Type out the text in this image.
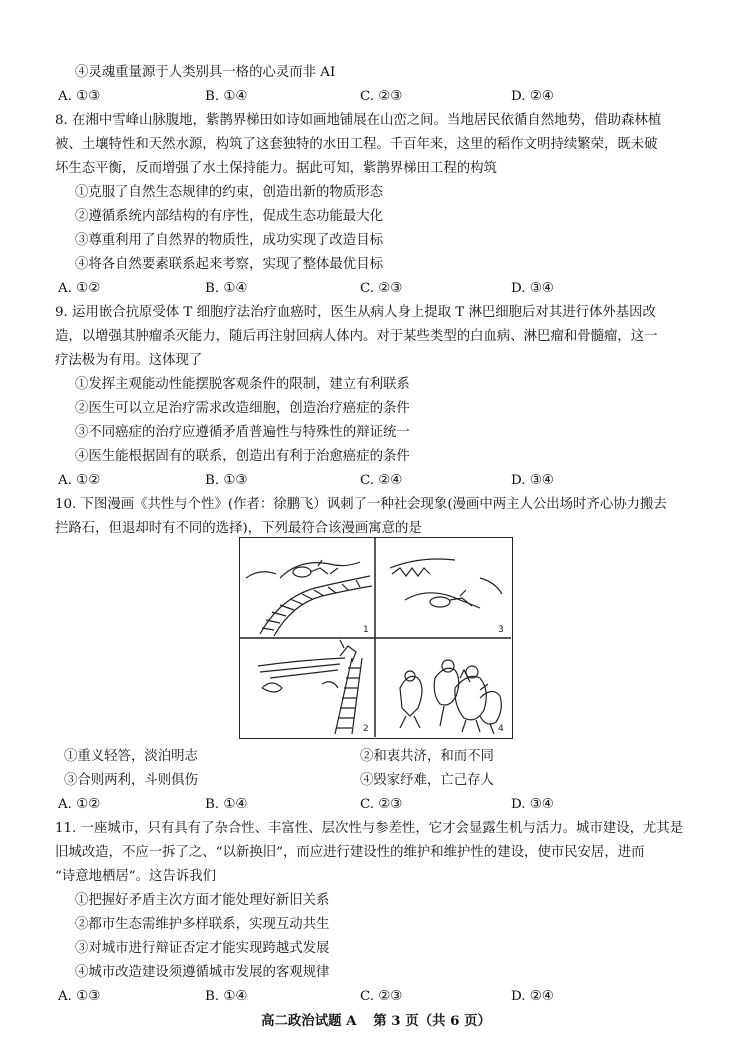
④灵魂重量源于人类别具一格的心灵而非 AI
A. ①③	B. ①④	C. ②③	D. ②④
8. 在湘中雪峰山脉腹地，紫鹊界梯田如诗如画地铺展在山峦之间。当地居民依循自然地势，借助森林植
被、土壤特性和天然水源，构筑了这套独特的水田工程。千百年来，这里的稻作文明持续繁荣，既未破
坏生态平衡，反而增强了水土保持能力。据此可知，紫鹊界梯田工程的构筑
①克服了自然生态规律的约束，创造出新的物质形态
②遵循系统内部结构的有序性，促成生态功能最大化
③尊重利用了自然界的物质性，成功实现了改造目标
④将各自然要素联系起来考察，实现了整体最优目标
A. ①②	B. ①④	C. ②③	D. ③④
9. 运用嵌合抗原受体 T 细胞疗法治疗血癌时，医生从病人身上提取 T 淋巴细胞后对其进行体外基因改
造，以增强其肿瘤杀灭能力，随后再注射回病人体内。对于某些类型的白血病、淋巴瘤和骨髓瘤，这一
疗法极为有用。这体现了
①发挥主观能动性能摆脱客观条件的限制，建立有利联系
②医生可以立足治疗需求改造细胞，创造治疗癌症的条件
③不同癌症的治疗应遵循矛盾普遍性与特殊性的辩证统一
④医生能根据固有的联系，创造出有利于治愈癌症的条件
A. ①②	B. ①③	C. ②④	D. ③④
10. 下图漫画《共性与个性》(作者：徐鹏飞）讽刺了一种社会现象(漫画中两主人公出场时齐心协力搬去
拦路石，但退却时有不同的选择)，下列最符合该漫画寓意的是
1	3
2	4
①重义轻答，淡泊明志	②和衷共济，和而不同
③合则两利，斗则俱伤	④毁家纾难，亡己存人
A. ①②	B. ①④	C. ②③	D. ③④
11. 一座城市，只有具有了杂合性、丰富性、层次性与参差性，它才会显露生机与活力。城市建设，尤其是
旧城改造，不应一拆了之、“以新换旧”，而应进行建设性的维护和维护性的建设，使市民安居，进而
“诗意地栖居”。这告诉我们
①把握好矛盾主次方面才能处理好新旧关系
②都市生态需维护多样联系，实现互动共生
③对城市进行辩证否定才能实现跨越式发展
④城市改造建设须遵循城市发展的客观规律
A. ①③	B. ①④	C. ②③	D. ②④
高二政治试题 A 第 3 页（共 6 页）
